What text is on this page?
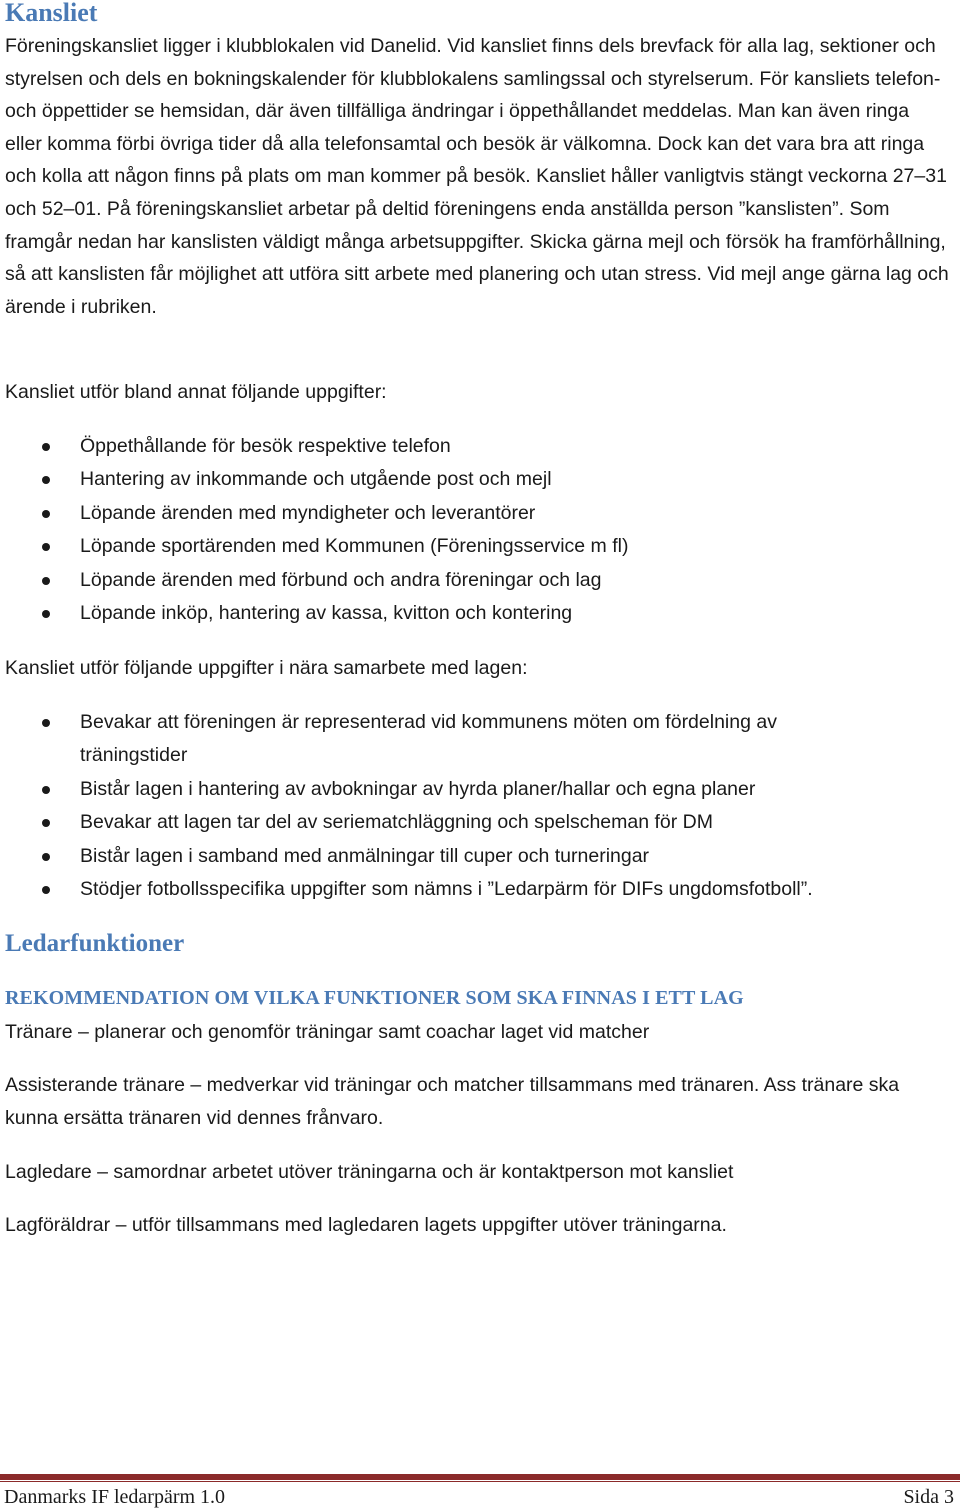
Kansliet

Föreningskansliet ligger i klubblokalen vid Danelid. Vid kansliet finns dels brevfack för alla lag, sektioner och styrelsen och dels en bokningskalender för klubblokalens samlingssal och styrelserum. För kansliets telefon- och öppettider se hemsidan, där även tillfälliga ändringar i öppethållandet meddelas. Man kan även ringa eller komma förbi övriga tider då alla telefonsamtal och besök är välkomna. Dock kan det vara bra att ringa och kolla att någon finns på plats om man kommer på besök. Kansliet håller vanligtvis stängt veckorna 27–31 och 52–01. På föreningskansliet arbetar på deltid föreningens enda anställda person ”kanslisten”. Som framgår nedan har kanslisten väldigt många arbetsuppgifter. Skicka gärna mejl och försök ha framförhållning, så att kanslisten får möjlighet att utföra sitt arbete med planering och utan stress. Vid mejl ange gärna lag och ärende i rubriken.

Kansliet utför bland annat följande uppgifter:

Öppethållande för besök respektive telefon
Hantering av inkommande och utgående post och mejl
Löpande ärenden med myndigheter och leverantörer
Löpande sportärenden med Kommunen (Föreningsservice m fl)
Löpande ärenden med förbund och andra föreningar och lag
Löpande inköp, hantering av kassa, kvitton och kontering

Kansliet utför följande uppgifter i nära samarbete med lagen:

Bevakar att föreningen är representerad vid kommunens möten om fördelning av träningstider
Bistår lagen i hantering av avbokningar av hyrda planer/hallar och egna planer
Bevakar att lagen tar del av seriematchläggning och spelscheman för DM
Bistår lagen i samband med anmälningar till cuper och turneringar
Stödjer fotbollsspecifika uppgifter som nämns i ”Ledarpärm för DIFs ungdomsfotboll”.
Ledarfunktioner
REKOMMENDATION OM VILKA FUNKTIONER SOM SKA FINNAS I ETT LAG

Tränare – planerar och genomför träningar samt coachar laget vid matcher

Assisterande tränare – medverkar vid träningar och matcher tillsammans med tränaren. Ass tränare ska kunna ersätta tränaren vid dennes frånvaro.

Lagledare – samordnar arbetet utöver träningarna och är kontaktperson mot kansliet

Lagföräldrar – utför tillsammans med lagledaren lagets uppgifter utöver träningarna.

Danmarks IF ledarpärm 1.0	Sida 3
